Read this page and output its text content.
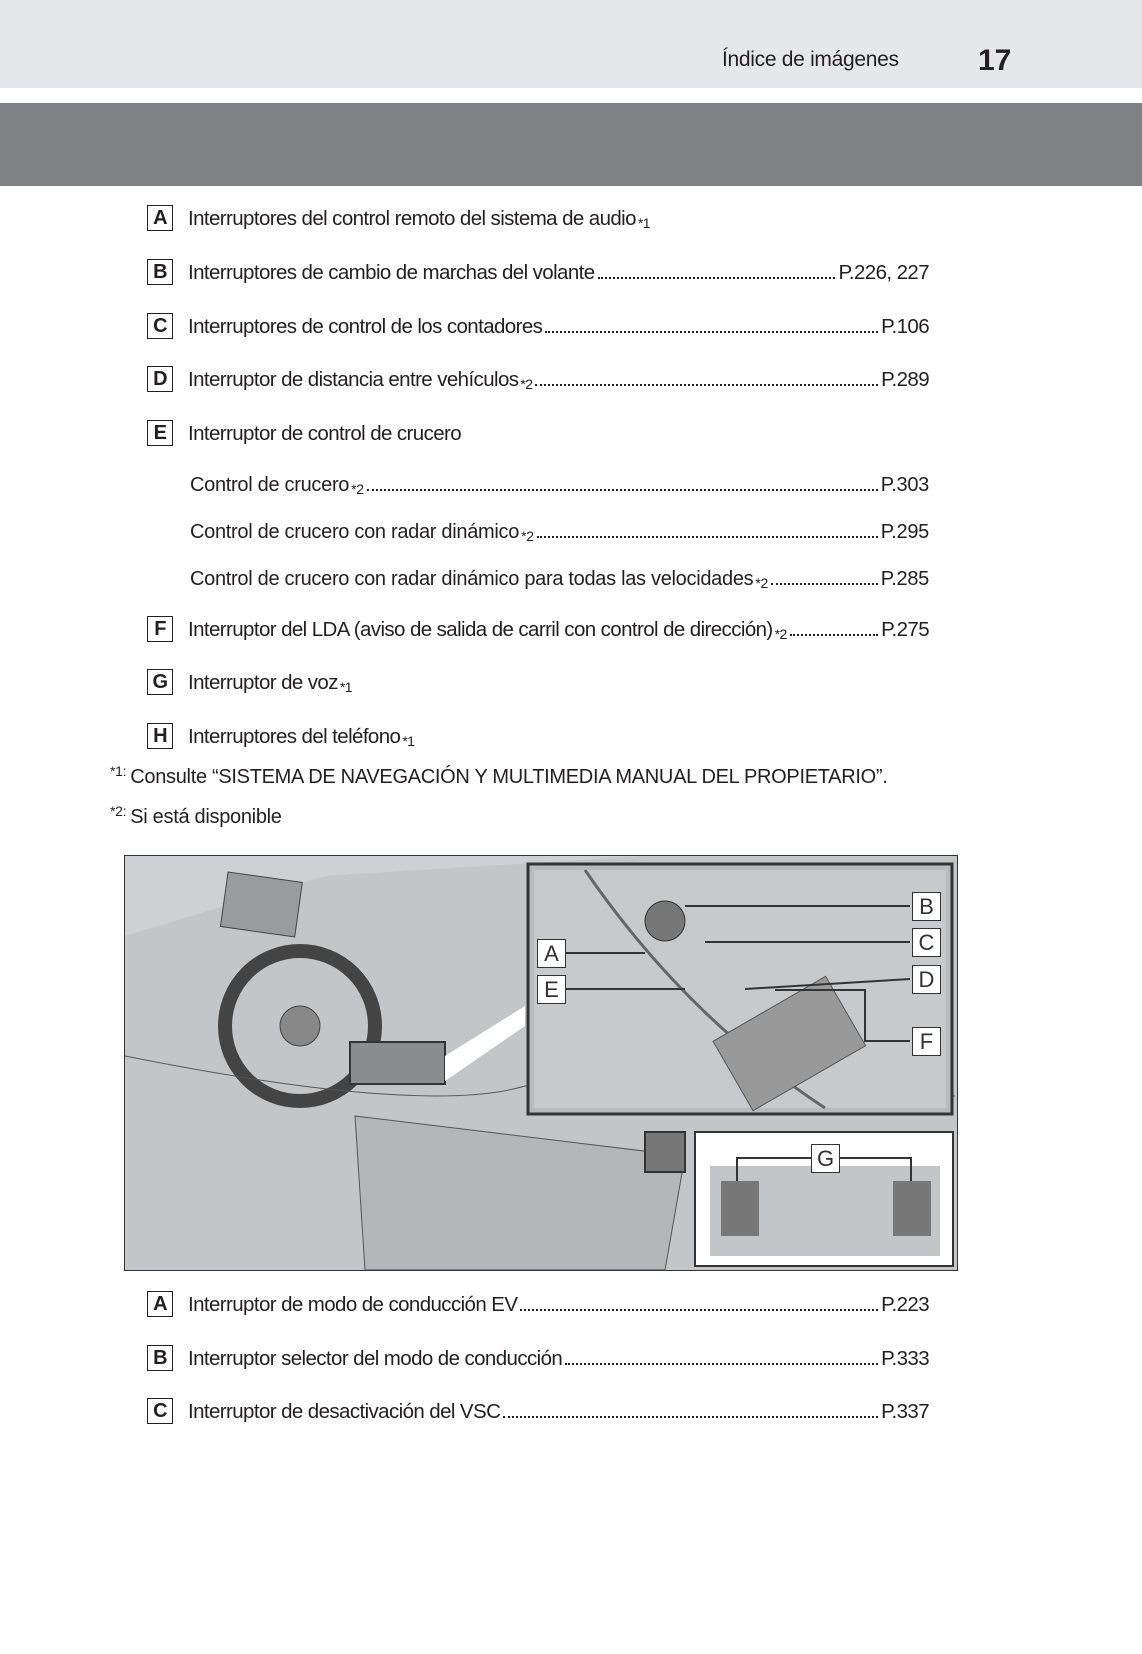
Índice de imágenes	17
A Interruptores del control remoto del sistema de audio *1
B Interruptores de cambio de marchas del volante	P.226, 227
C Interruptores de control de los contadores	P.106
D Interruptor de distancia entre vehículos *2	P.289
E	Interruptor de control de crucero
Control de crucero *2	P.303
Control de crucero con radar dinámico *2	P.295
Control de crucero con radar dinámico para todas las velocidades *2	P.285
F	Interruptor del LDA (aviso de salida de carril con control de dirección) *2	P.275
G Interruptor de voz *1
H Interruptores del teléfono *1
$^{*1:}$ Consulte “SISTEMA DE NAVEGACIÓN Y MULTIMEDIA MANUAL DEL PROPIETARIO”.
$^{*2:}$ Si está disponible
A
E
B
C
D
F
G
A Interruptor de modo de conducción EV	P.223
B Interruptor selector del modo de conducción	P.333
C Interruptor de desactivación del VSC	P.337
